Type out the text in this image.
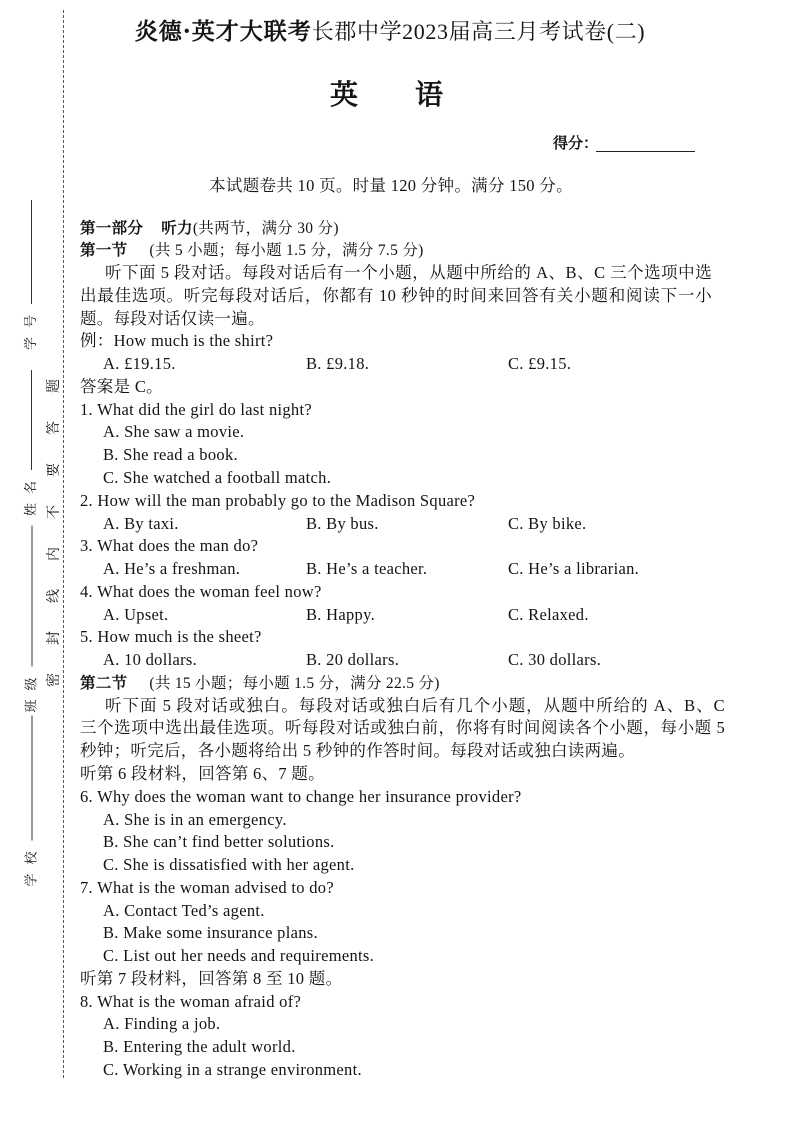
学号
姓名
班级
学校
密封线内不要答题
炎德·英才大联考长郡中学2023届高三月考试卷(二)
英语
得分：
本试题卷共 10 页。时量 120 分钟。满分 150 分。
第一部分 听力(共两节，满分 30 分)
第一节 (共 5 小题；每小题 1.5 分，满分 7.5 分)
听下面 5 段对话。每段对话后有一个小题，从题中所给的 A、B、C 三个选项中选
出最佳选项。听完每段对话后，你都有 10 秒钟的时间来回答有关小题和阅读下一小
题。每段对话仅读一遍。
例：How much is the shirt?
A. £19.15.	B. £9.18.	C. £9.15.
答案是 C。
1. What did the girl do last night?
A. She saw a movie.
B. She read a book.
C. She watched a football match.
2. How will the man probably go to the Madison Square?
A. By taxi.	B. By bus.	C. By bike.
3. What does the man do?
A. He’s a freshman.	B. He’s a teacher.	C. He’s a librarian.
4. What does the woman feel now?
A. Upset.	B. Happy.	C. Relaxed.
5. How much is the sheet?
A. 10 dollars.	B. 20 dollars.	C. 30 dollars.
第二节 (共 15 小题；每小题 1.5 分，满分 22.5 分)
听下面 5 段对话或独白。每段对话或独白后有几个小题，从题中所给的 A、B、C
三个选项中选出最佳选项。听每段对话或独白前，你将有时间阅读各个小题，每小题 5
秒钟；听完后，各小题将给出 5 秒钟的作答时间。每段对话或独白读两遍。
听第 6 段材料，回答第 6、7 题。
6. Why does the woman want to change her insurance provider?
A. She is in an emergency.
B. She can’t find better solutions.
C. She is dissatisfied with her agent.
7. What is the woman advised to do?
A. Contact Ted’s agent.
B. Make some insurance plans.
C. List out her needs and requirements.
听第 7 段材料，回答第 8 至 10 题。
8. What is the woman afraid of?
A. Finding a job.
B. Entering the adult world.
C. Working in a strange environment.
